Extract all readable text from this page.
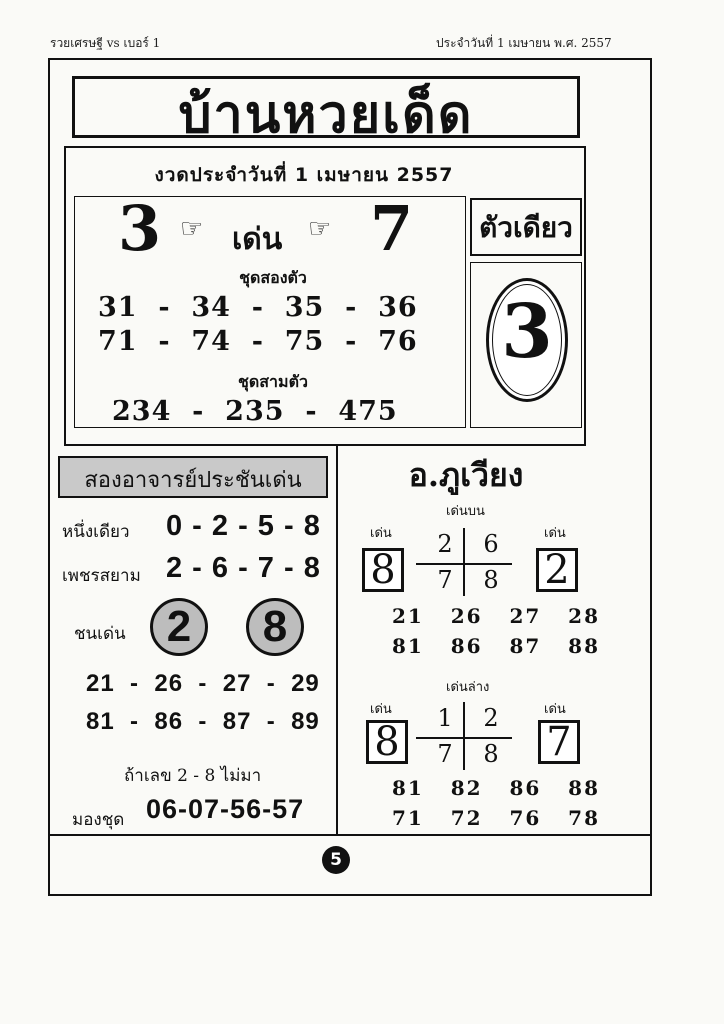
รวยเศรษฐี vs เบอร์ 1	ประจำวันที่ 1 เมษายน พ.ศ. 2557
บ้านหวยเด็ด
งวดประจำวันที่ 1 เมษายน 2557
3 ☞ เด่น ☞ 7
ชุดสองตัว
31  -  34  -  35  -  36
71  -  74  -  75  -  76
ชุดสามตัว
234  -  235  -  475
ตัวเดียว
3
สองอาจารย์ประชันเด่น
หนึ่งเดียว 0 - 2 - 5 - 8
เพชรสยาม 2 - 6 - 7 - 8
ชนเด่น 2	8
21  -  26  -  27  -  29
81  -  86  -  87  -  89
ถ้าเลข 2 - 8 ไม่มา
มองชุด 06-07-56-57
อ.ภูเวียง
เด่นบน
เด่น	เด่น
8	2
2	6
7	8
21   26   27   28
81   86   87   88
เด่นล่าง
เด่น	เด่น
8	7
1	2
7	8
81   82   86   88
71   72   76   78
5
